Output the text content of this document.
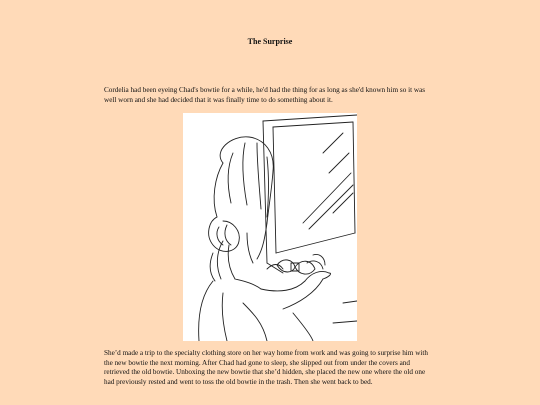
The Surprise

Cordelia had been eyeing Chad's bowtie for a while, he'd had the thing for as long as she'd known him so it was well worn and she had decided that it was finally time to do something about it.

She’d made a trip to the specialty clothing store on her way home from work and was going to surprise him with the new bowtie the next morning. After Chad had gone to sleep, she slipped out from under the covers and retrieved the old bowtie. Unboxing the new bowtie that she’d hidden, she placed the new one where the old one had previously rested and went to toss the old bowtie in the trash. Then she went back to bed.
